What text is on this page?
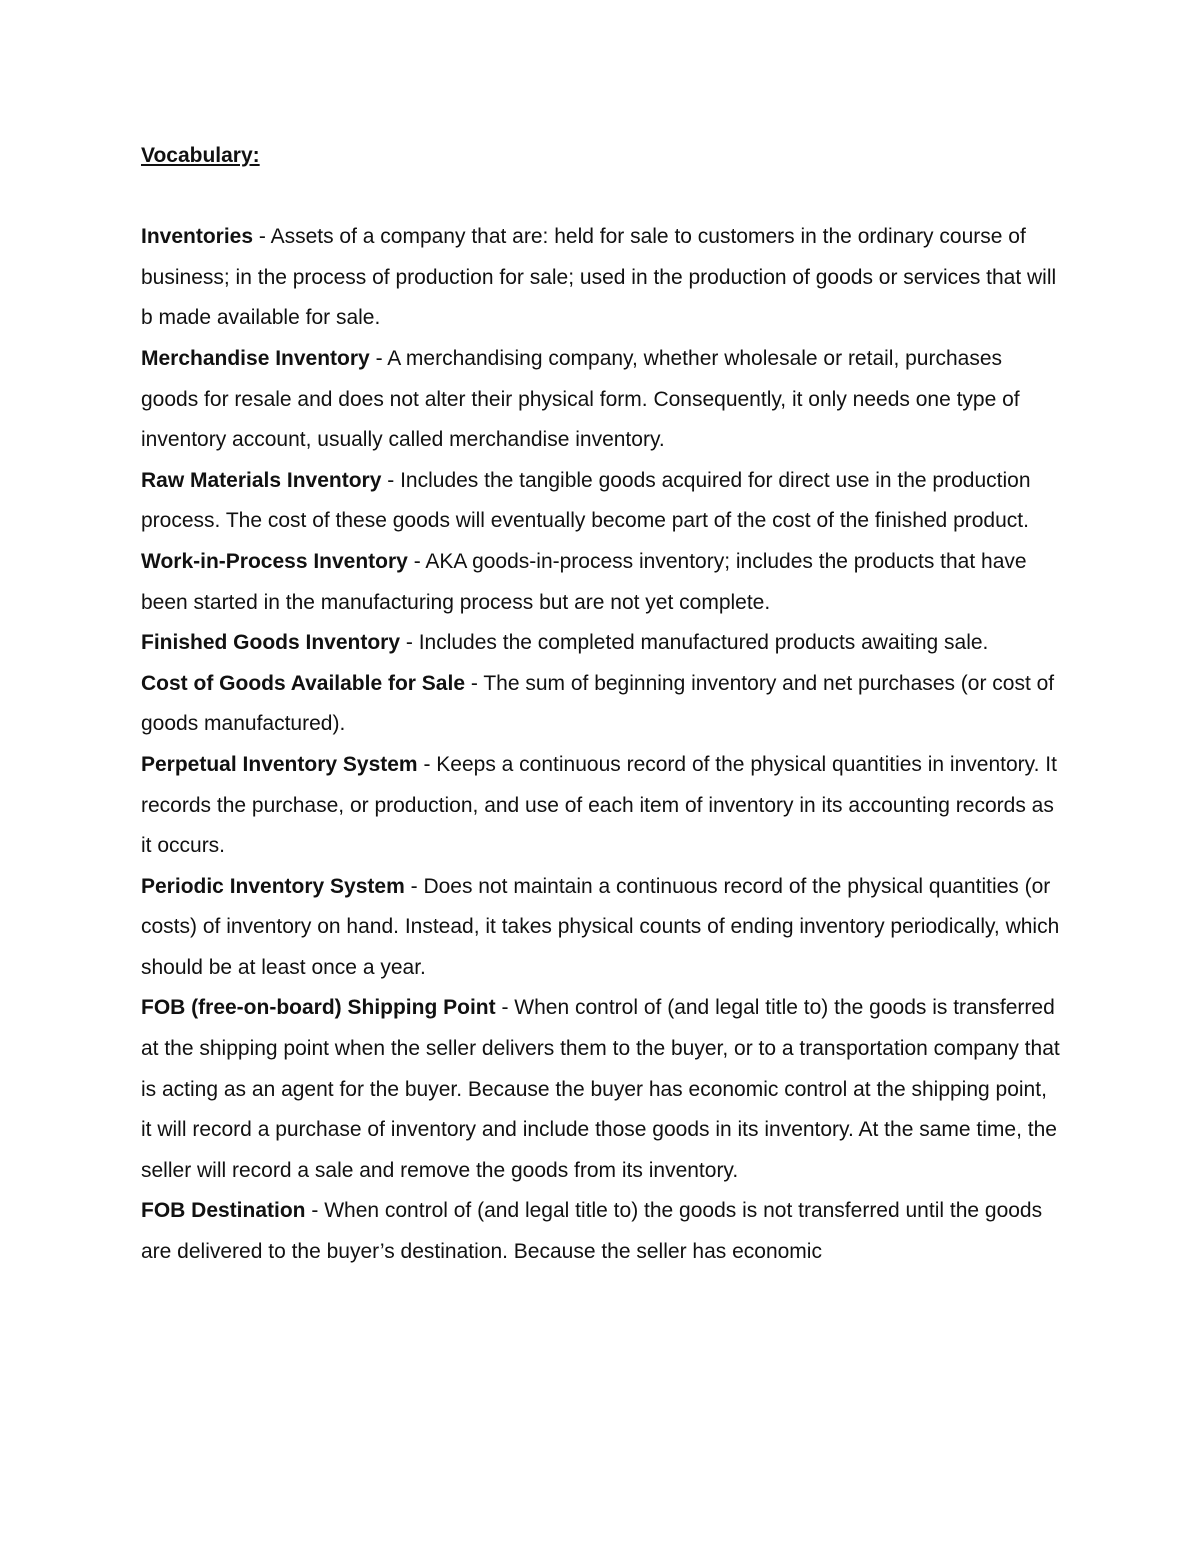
Vocabulary:

Inventories - Assets of a company that are: held for sale to customers in the ordinary course of business; in the process of production for sale; used in the production of goods or services that will b made available for sale.

Merchandise Inventory - A merchandising company, whether wholesale or retail, purchases goods for resale and does not alter their physical form. Consequently, it only needs one type of inventory account, usually called merchandise inventory.

Raw Materials Inventory - Includes the tangible goods acquired for direct use in the production process. The cost of these goods will eventually become part of the cost of the finished product.

Work-in-Process Inventory - AKA goods-in-process inventory; includes the products that have been started in the manufacturing process but are not yet complete.

Finished Goods Inventory - Includes the completed manufactured products awaiting sale.

Cost of Goods Available for Sale - The sum of beginning inventory and net purchases (or cost of goods manufactured).

Perpetual Inventory System - Keeps a continuous record of the physical quantities in inventory. It records the purchase, or production, and use of each item of inventory in its accounting records as it occurs.

Periodic Inventory System - Does not maintain a continuous record of the physical quantities (or costs) of inventory on hand. Instead, it takes physical counts of ending inventory periodically, which should be at least once a year.

FOB (free-on-board) Shipping Point - When control of (and legal title to) the goods is transferred at the shipping point when the seller delivers them to the buyer, or to a transportation company that is acting as an agent for the buyer. Because the buyer has economic control at the shipping point, it will record a purchase of inventory and include those goods in its inventory. At the same time, the seller will record a sale and remove the goods from its inventory.

FOB Destination - When control of (and legal title to) the goods is not transferred until the goods are delivered to the buyer’s destination. Because the seller has economic
